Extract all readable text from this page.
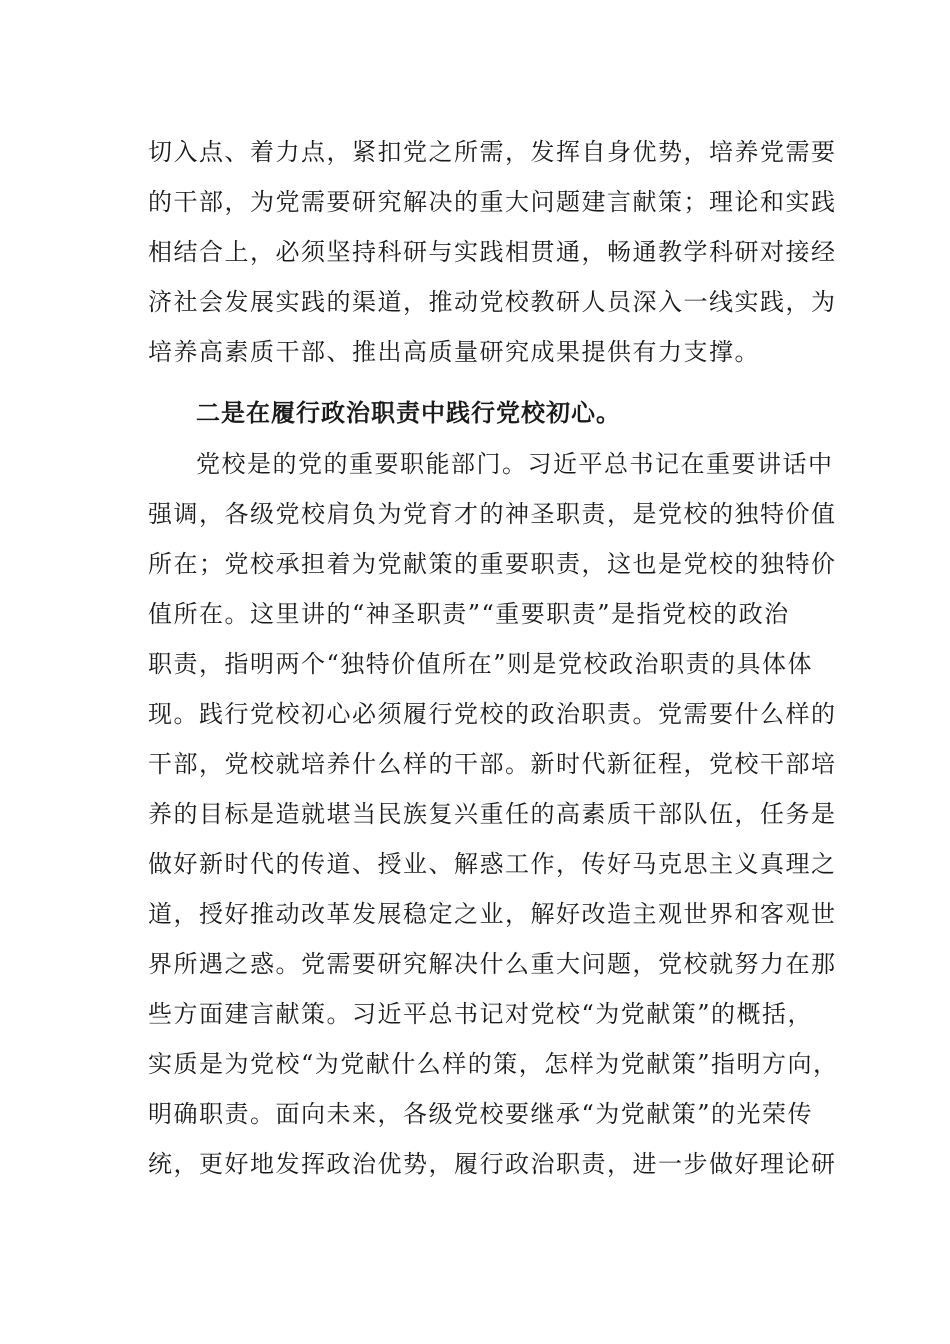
切入点、着力点，紧扣党之所需，发挥自身优势，培养党需要
的干部，为党需要研究解决的重大问题建言献策；理论和实践
相结合上，必须坚持科研与实践相贯通，畅通教学科研对接经
济社会发展实践的渠道，推动党校教研人员深入一线实践，为
培养高素质干部、推出高质量研究成果提供有力支撑。
二是在履行政治职责中践行党校初心。
党校是的党的重要职能部门。习近平总书记在重要讲话中
强调，各级党校肩负为党育才的神圣职责，是党校的独特价值
所在；党校承担着为党献策的重要职责，这也是党校的独特价
值所在。这里讲的“神圣职责”“重要职责”是指党校的政治
职责，指明两个“独特价值所在”则是党校政治职责的具体体
现。践行党校初心必须履行党校的政治职责。党需要什么样的
干部，党校就培养什么样的干部。新时代新征程，党校干部培
养的目标是造就堪当民族复兴重任的高素质干部队伍，任务是
做好新时代的传道、授业、解惑工作，传好马克思主义真理之
道，授好推动改革发展稳定之业，解好改造主观世界和客观世
界所遇之惑。党需要研究解决什么重大问题，党校就努力在那
些方面建言献策。习近平总书记对党校“为党献策”的概括，
实质是为党校“为党献什么样的策，怎样为党献策”指明方向，
明确职责。面向未来，各级党校要继承“为党献策”的光荣传
统，更好地发挥政治优势，履行政治职责，进一步做好理论研
